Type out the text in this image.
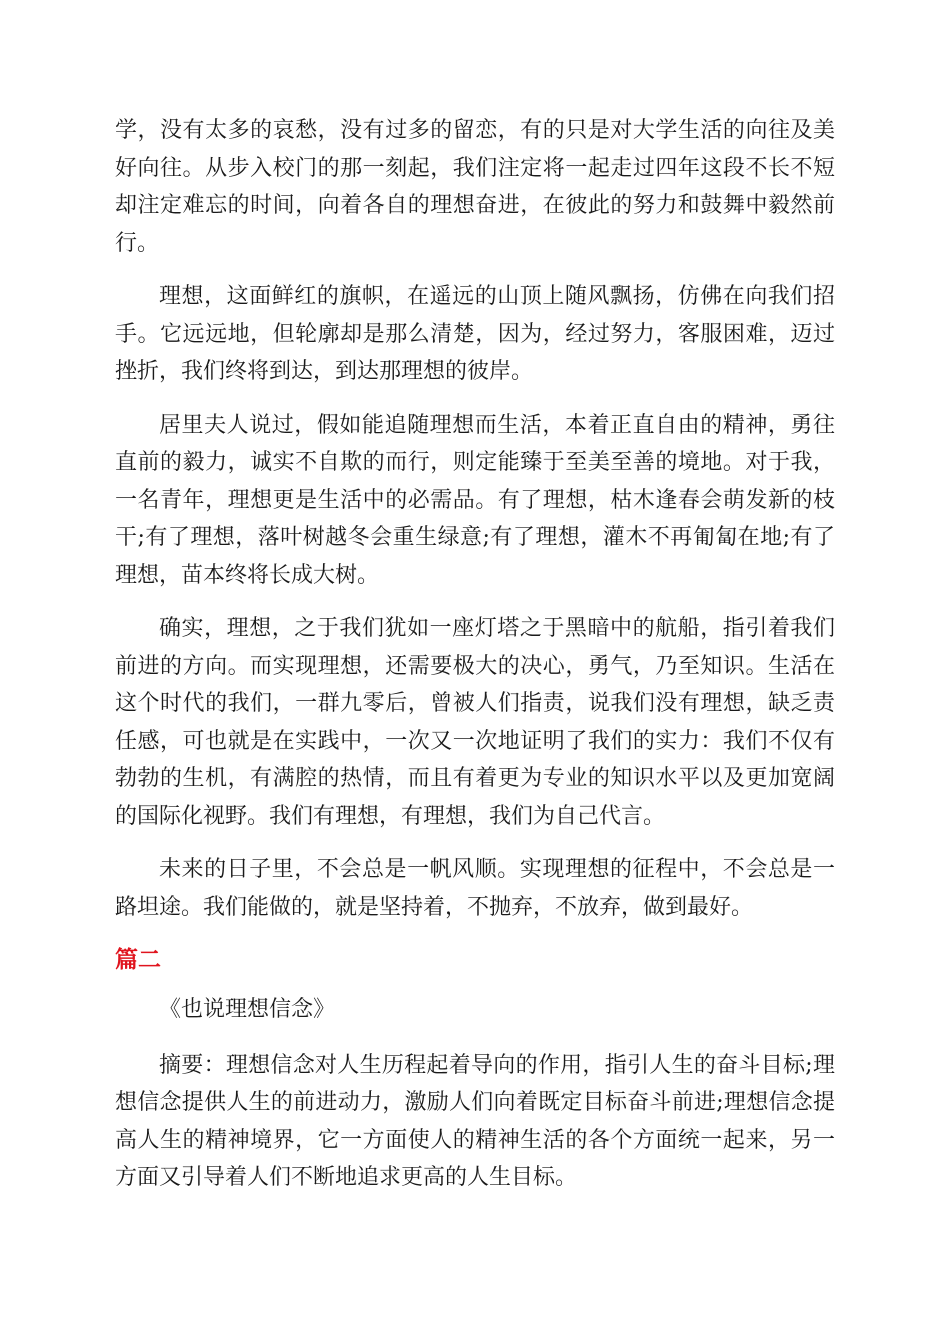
学，没有太多的哀愁，没有过多的留恋，有的只是对大学生活的向往及美好向往。从步入校门的那一刻起，我们注定将一起走过四年这段不长不短却注定难忘的时间，向着各自的理想奋进，在彼此的努力和鼓舞中毅然前行。

理想，这面鲜红的旗帜，在遥远的山顶上随风飘扬，仿佛在向我们招手。它远远地，但轮廓却是那么清楚，因为，经过努力，客服困难，迈过挫折，我们终将到达，到达那理想的彼岸。

居里夫人说过，假如能追随理想而生活，本着正直自由的精神，勇往直前的毅力，诚实不自欺的而行，则定能臻于至美至善的境地。对于我，一名青年，理想更是生活中的必需品。有了理想，枯木逢春会萌发新的枝干;有了理想，落叶树越冬会重生绿意;有了理想，灌木不再匍匐在地;有了理想，苗本终将长成大树。

确实，理想，之于我们犹如一座灯塔之于黑暗中的航船，指引着我们前进的方向。而实现理想，还需要极大的决心，勇气，乃至知识。生活在这个时代的我们，一群九零后，曾被人们指责，说我们没有理想，缺乏责任感，可也就是在实践中，一次又一次地证明了我们的实力：我们不仅有勃勃的生机，有满腔的热情，而且有着更为专业的知识水平以及更加宽阔的国际化视野。我们有理想，有理想，我们为自己代言。

未来的日子里，不会总是一帆风顺。实现理想的征程中，不会总是一路坦途。我们能做的，就是坚持着，不抛弃，不放弃，做到最好。

篇二
《也说理想信念》

摘要：理想信念对人生历程起着导向的作用，指引人生的奋斗目标;理想信念提供人生的前进动力，激励人们向着既定目标奋斗前进;理想信念提高人生的精神境界，它一方面使人的精神生活的各个方面统一起来，另一方面又引导着人们不断地追求更高的人生目标。
